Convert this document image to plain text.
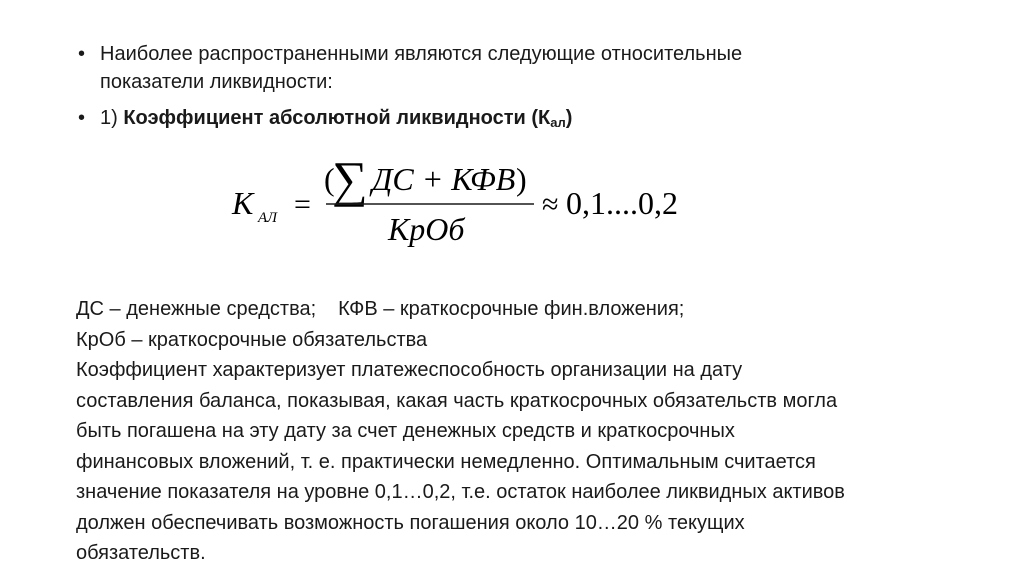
• Наиболее распространенными являются следующие относительные
показатели ликвидности:
• 1) Коэффициент абсолютной ликвидности (Кал)
К АЛ =
(
∑ ДС + КФВ )
КрОб
≈ 0,1....0,2
ДС – денежные средства; КФВ – краткосрочные фин.вложения;
КрОб – краткосрочные обязательства
Коэффициент характеризует платежеспособность организации на дату
составления баланса, показывая, какая часть краткосрочных обязательств могла
быть погашена на эту дату за счет денежных средств и краткосрочных
финансовых вложений, т. е. практически немедленно. Оптимальным считается
значение показателя на уровне 0,1…0,2, т.е. остаток наиболее ликвидных активов
должен обеспечивать возможность погашения около 10…20 % текущих
обязательств.
